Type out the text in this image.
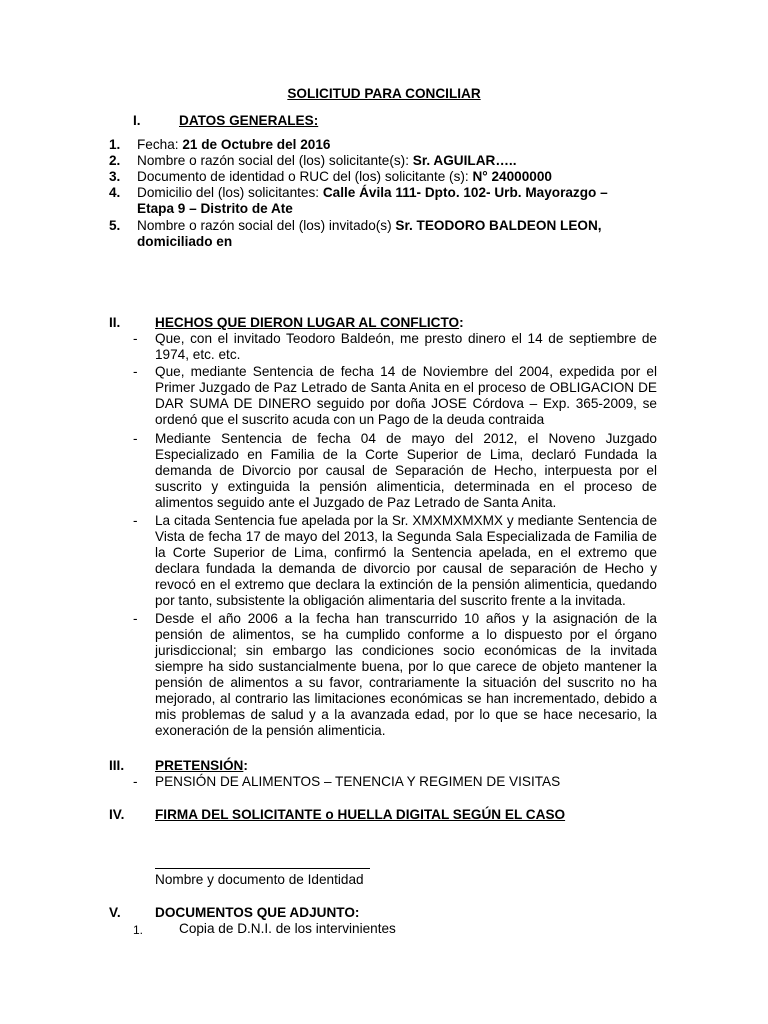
SOLICITUD PARA CONCILIAR
I.	DATOS GENERALES:
1. Fecha: 21 de Octubre del 2016
2. Nombre o razón social del (los) solicitante(s): Sr. AGUILAR…..
3. Documento de identidad o RUC del (los) solicitante (s): N° 24000000
4. Domicilio del (los) solicitantes: Calle Ávila 111- Dpto. 102- Urb. Mayorazgo – Etapa 9 – Distrito de Ate
5. Nombre o razón social del (los) invitado(s) Sr. TEODORO BALDEON LEON, domiciliado en
II.	HECHOS QUE DIERON LUGAR AL CONFLICTO:
- Que, con el invitado Teodoro Baldeón, me presto dinero el 14 de septiembre de 1974, etc. etc.
- Que, mediante Sentencia de fecha 14 de Noviembre del 2004, expedida por el Primer Juzgado de Paz Letrado de Santa Anita en el proceso de OBLIGACION DE DAR SUMA DE DINERO seguido por doña JOSE Córdova – Exp. 365-2009, se ordenó que el suscrito acuda con un Pago de la deuda contraida
- Mediante Sentencia de fecha 04 de mayo del 2012, el Noveno Juzgado Especializado en Familia de la Corte Superior de Lima, declaró Fundada la demanda de Divorcio por causal de Separación de Hecho, interpuesta por el suscrito y extinguida la pensión alimenticia, determinada en el proceso de alimentos seguido ante el Juzgado de Paz Letrado de Santa Anita.
- La citada Sentencia fue apelada por la Sr. XMXMXMXMX y mediante Sentencia de Vista de fecha 17 de mayo del 2013, la Segunda Sala Especializada de Familia de la Corte Superior de Lima, confirmó la Sentencia apelada, en el extremo que declara fundada la demanda de divorcio por causal de separación de Hecho y revocó en el extremo que declara la extinción de la pensión alimenticia, quedando por tanto, subsistente la obligación alimentaria del suscrito frente a la invitada.
- Desde el año 2006 a la fecha han transcurrido 10 años y la asignación de la pensión de alimentos, se ha cumplido conforme a lo dispuesto por el órgano jurisdiccional; sin embargo las condiciones socio económicas de la invitada siempre ha sido sustancialmente buena, por lo que carece de objeto mantener la pensión de alimentos a su favor, contrariamente la situación del suscrito no ha mejorado, al contrario las limitaciones económicas se han incrementado, debido a mis problemas de salud y a la avanzada edad, por lo que se hace necesario, la exoneración de la pensión alimenticia.
III. PRETENSIÓN:
- PENSIÓN DE ALIMENTOS – TENENCIA Y REGIMEN DE VISITAS
IV. FIRMA DEL SOLICITANTE o HUELLA DIGITAL SEGÚN EL CASO
Nombre y documento de Identidad
V.	DOCUMENTOS QUE ADJUNTO:
1.	Copia de D.N.I. de los intervinientes
